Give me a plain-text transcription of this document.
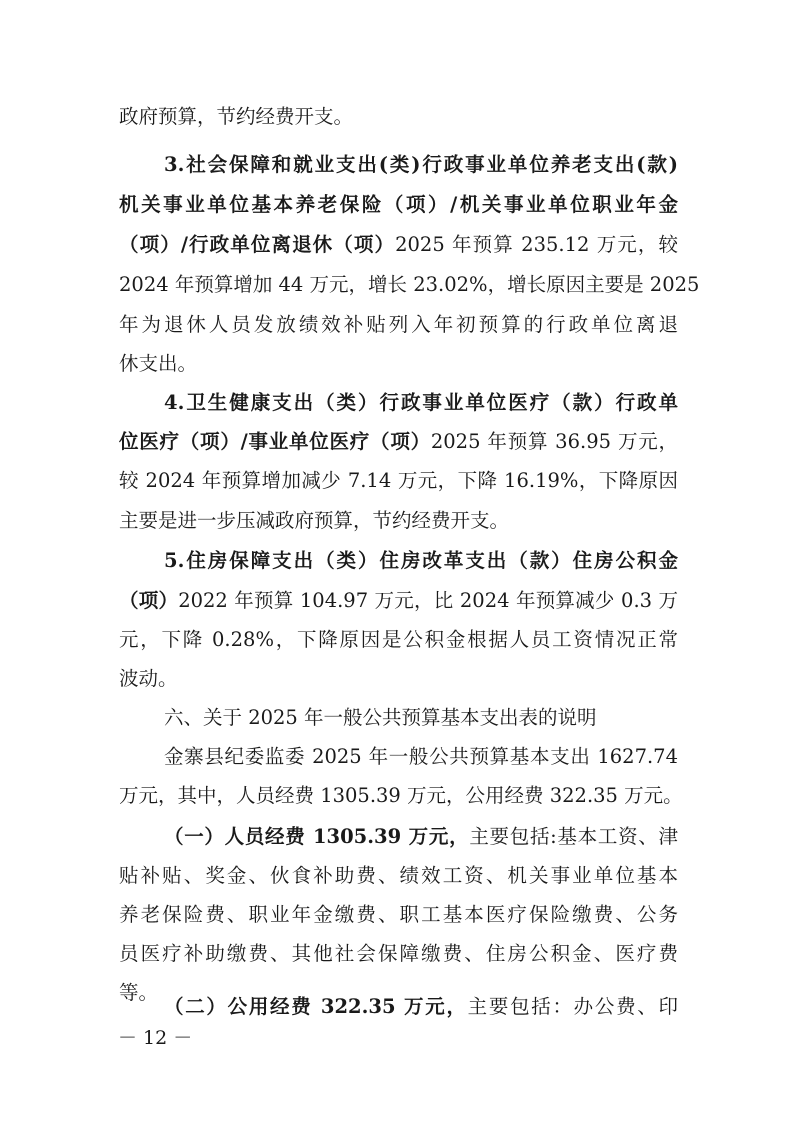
政府预算，节约经费开支。
3.社会保障和就业支出(类)行政事业单位养老支出(款)
机关事业单位基本养老保险（项）/机关事业单位职业年金
（项）/行政单位离退休（项）2025 年预算 235.12 万元，较
2024 年预算增加 44 万元，增长 23.02%，增长原因主要是 2025
年为退休人员发放绩效补贴列入年初预算的行政单位离退
休支出。
4.卫生健康支出（类）行政事业单位医疗（款）行政单
位医疗（项）/事业单位医疗（项）2025 年预算 36.95 万元，
较 2024 年预算增加减少 7.14 万元，下降 16.19%，下降原因
主要是进一步压减政府预算，节约经费开支。
5.住房保障支出（类）住房改革支出（款）住房公积金
（项）2022 年预算 104.97 万元，比 2024 年预算减少 0.3 万
元，下降 0.28%，下降原因是公积金根据人员工资情况正常
波动。
六、关于 2025 年一般公共预算基本支出表的说明
金寨县纪委监委 2025 年一般公共预算基本支出 1627.74
万元，其中，人员经费 1305.39 万元，公用经费 322.35 万元。
（一）人员经费 1305.39 万元，主要包括:基本工资、津
贴补贴、奖金、伙食补助费、绩效工资、机关事业单位基本
养老保险费、职业年金缴费、职工基本医疗保险缴费、公务
员医疗补助缴费、其他社会保障缴费、住房公积金、医疗费
等。
（二）公用经费 322.35 万元，主要包括：办公费、印
－ 12 －
